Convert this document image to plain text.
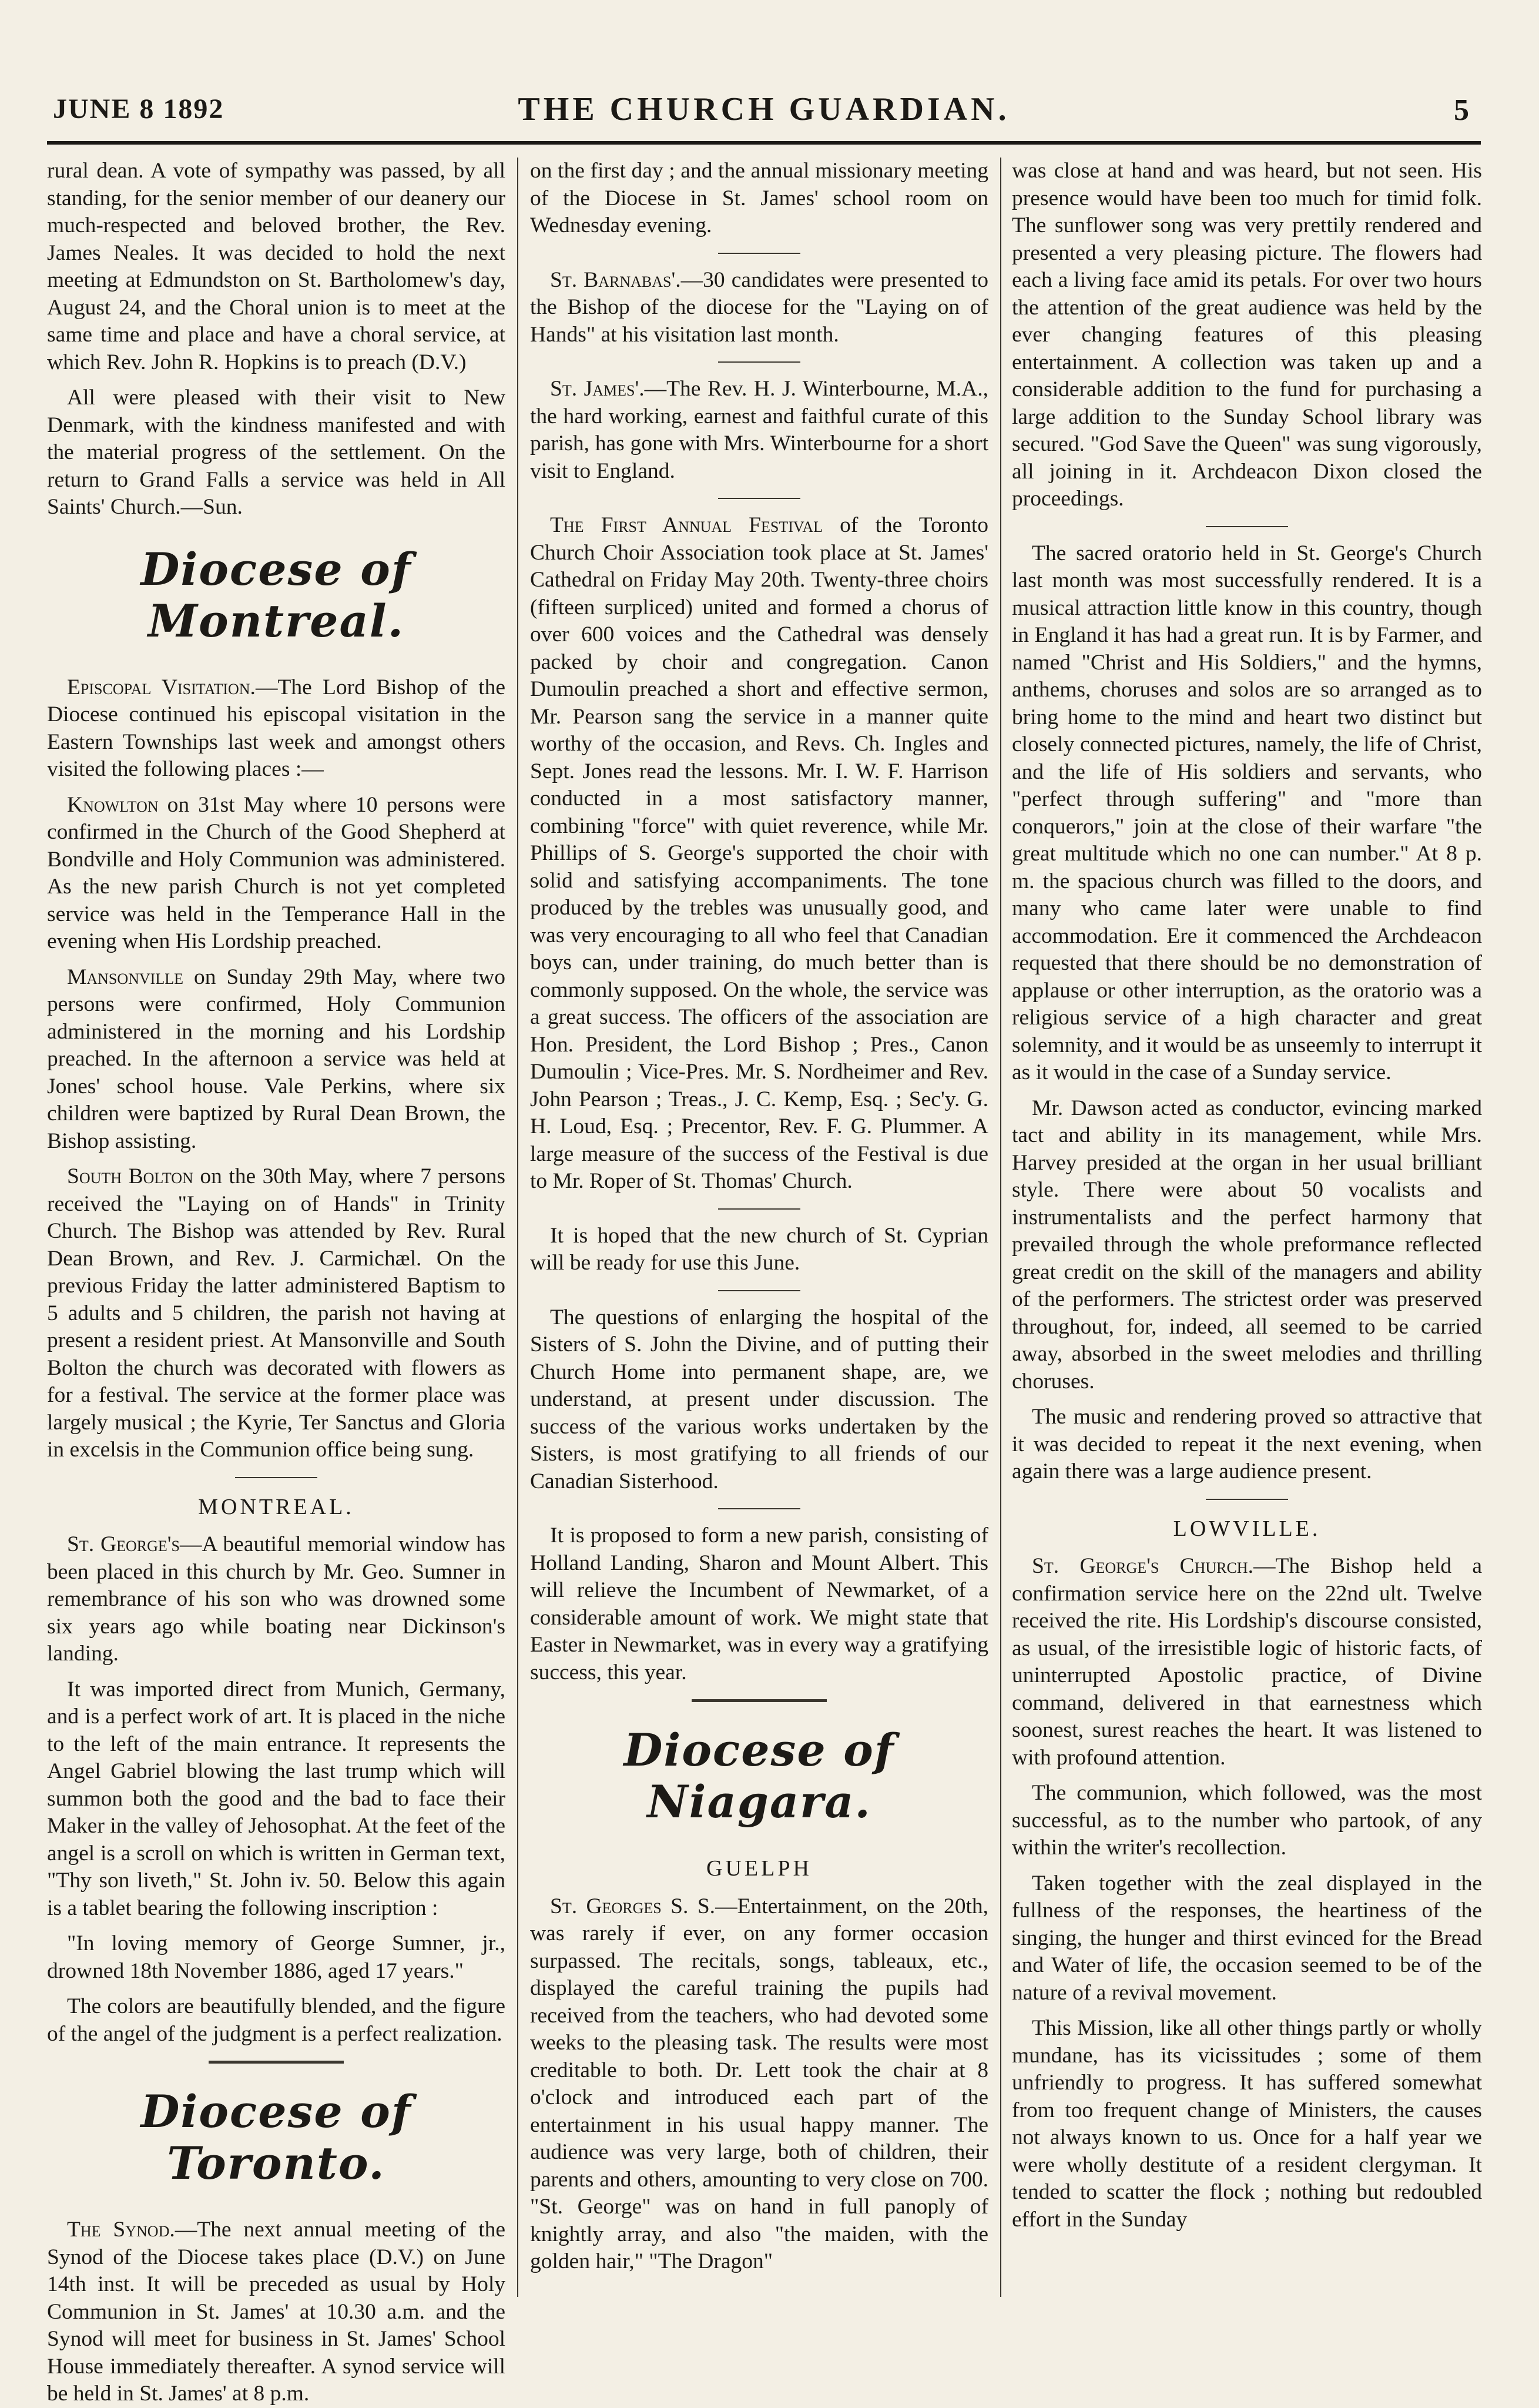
JUNE 8 1892	THE CHURCH GUARDIAN.	5

rural dean. A vote of sympathy was passed, by all standing, for the senior member of our deanery our much-respected and beloved brother, the Rev. James Neales. It was decided to hold the next meeting at Edmundston on St. Bartholomew's day, August 24, and the Choral union is to meet at the same time and place and have a choral service, at which Rev. John R. Hopkins is to preach (D.V.)

All were pleased with their visit to New Denmark, with the kindness manifested and with the material progress of the settlement. On the return to Grand Falls a service was held in All Saints' Church.—Sun.

Diocese of Montreal.

Episcopal Visitation.—The Lord Bishop of the Diocese continued his episcopal visitation in the Eastern Townships last week and amongst others visited the following places :—

Knowlton on 31st May where 10 persons were confirmed in the Church of the Good Shepherd at Bondville and Holy Communion was administered. As the new parish Church is not yet completed service was held in the Temperance Hall in the evening when His Lordship preached.

Mansonville on Sunday 29th May, where two persons were confirmed, Holy Communion administered in the morning and his Lordship preached. In the afternoon a service was held at Jones' school house. Vale Perkins, where six children were baptized by Rural Dean Brown, the Bishop assisting.

South Bolton on the 30th May, where 7 persons received the "Laying on of Hands" in Trinity Church. The Bishop was attended by Rev. Rural Dean Brown, and Rev. J. Carmichæl. On the previous Friday the latter administered Baptism to 5 adults and 5 children, the parish not having at present a resident priest. At Mansonville and South Bolton the church was decorated with flowers as for a festival. The service at the former place was largely musical ; the Kyrie, Ter Sanctus and Gloria in excelsis in the Communion office being sung.

MONTREAL.

St. George's—A beautiful memorial window has been placed in this church by Mr. Geo. Sumner in remembrance of his son who was drowned some six years ago while boating near Dickinson's landing.

It was imported direct from Munich, Germany, and is a perfect work of art. It is placed in the niche to the left of the main entrance. It represents the Angel Gabriel blowing the last trump which will summon both the good and the bad to face their Maker in the valley of Jehosophat. At the feet of the angel is a scroll on which is written in German text, "Thy son liveth," St. John iv. 50. Below this again is a tablet bearing the following inscription :

"In loving memory of George Sumner, jr., drowned 18th November 1886, aged 17 years."

The colors are beautifully blended, and the figure of the angel of the judgment is a perfect realization.

Diocese of Toronto.

The Synod.—The next annual meeting of the Synod of the Diocese takes place (D.V.) on June 14th inst. It will be preceded as usual by Holy Communion in St. James' at 10.30 a.m. and the Synod will meet for business in St. James' School House immediately thereafter. A synod service will be held in St. James' at 8 p.m.

on the first day ; and the annual missionary meeting of the Diocese in St. James' school room on Wednesday evening.

St. Barnabas'.—30 candidates were presented to the Bishop of the diocese for the "Laying on of Hands" at his visitation last month.

St. James'.—The Rev. H. J. Winterbourne, M.A., the hard working, earnest and faithful curate of this parish, has gone with Mrs. Winterbourne for a short visit to England.

The First Annual Festival of the Toronto Church Choir Association took place at St. James' Cathedral on Friday May 20th. Twenty-three choirs (fifteen surpliced) united and formed a chorus of over 600 voices and the Cathedral was densely packed by choir and congregation. Canon Dumoulin preached a short and effective sermon, Mr. Pearson sang the service in a manner quite worthy of the occasion, and Revs. Ch. Ingles and Sept. Jones read the lessons. Mr. I. W. F. Harrison conducted in a most satisfactory manner, combining "force" with quiet reverence, while Mr. Phillips of S. George's supported the choir with solid and satisfying accompaniments. The tone produced by the trebles was unusually good, and was very encouraging to all who feel that Canadian boys can, under training, do much better than is commonly supposed. On the whole, the service was a great success. The officers of the association are Hon. President, the Lord Bishop ; Pres., Canon Dumoulin ; Vice-Pres. Mr. S. Nordheimer and Rev. John Pearson ; Treas., J. C. Kemp, Esq. ; Sec'y. G. H. Loud, Esq. ; Precentor, Rev. F. G. Plummer. A large measure of the success of the Festival is due to Mr. Roper of St. Thomas' Church.

It is hoped that the new church of St. Cyprian will be ready for use this June.

The questions of enlarging the hospital of the Sisters of S. John the Divine, and of putting their Church Home into permanent shape, are, we understand, at present under discussion. The success of the various works undertaken by the Sisters, is most gratifying to all friends of our Canadian Sisterhood.

It is proposed to form a new parish, consisting of Holland Landing, Sharon and Mount Albert. This will relieve the Incumbent of Newmarket, of a considerable amount of work. We might state that Easter in Newmarket, was in every way a gratifying success, this year.

Diocese of Niagara.
GUELPH

St. Georges S. S.—Entertainment, on the 20th, was rarely if ever, on any former occasion surpassed. The recitals, songs, tableaux, etc., displayed the careful training the pupils had received from the teachers, who had devoted some weeks to the pleasing task. The results were most creditable to both. Dr. Lett took the chair at 8 o'clock and introduced each part of the entertainment in his usual happy manner. The audience was very large, both of children, their parents and others, amounting to very close on 700. "St. George" was on hand in full panoply of knightly array, and also "the maiden, with the golden hair," "The Dragon"

was close at hand and was heard, but not seen. His presence would have been too much for timid folk. The sunflower song was very prettily rendered and presented a very pleasing picture. The flowers had each a living face amid its petals. For over two hours the attention of the great audience was held by the ever changing features of this pleasing entertainment. A collection was taken up and a considerable addition to the fund for purchasing a large addition to the Sunday School library was secured. "God Save the Queen" was sung vigorously, all joining in it. Archdeacon Dixon closed the proceedings.

The sacred oratorio held in St. George's Church last month was most successfully rendered. It is a musical attraction little know in this country, though in England it has had a great run. It is by Farmer, and named "Christ and His Soldiers," and the hymns, anthems, choruses and solos are so arranged as to bring home to the mind and heart two distinct but closely connected pictures, namely, the life of Christ, and the life of His soldiers and servants, who "perfect through suffering" and "more than conquerors," join at the close of their warfare "the great multitude which no one can number." At 8 p. m. the spacious church was filled to the doors, and many who came later were unable to find accommodation. Ere it commenced the Archdeacon requested that there should be no demonstration of applause or other interruption, as the oratorio was a religious service of a high character and great solemnity, and it would be as unseemly to interrupt it as it would in the case of a Sunday service.

Mr. Dawson acted as conductor, evincing marked tact and ability in its management, while Mrs. Harvey presided at the organ in her usual brilliant style. There were about 50 vocalists and instrumentalists and the perfect harmony that prevailed through the whole preformance reflected great credit on the skill of the managers and ability of the performers. The strictest order was preserved throughout, for, indeed, all seemed to be carried away, absorbed in the sweet melodies and thrilling choruses.

The music and rendering proved so attractive that it was decided to repeat it the next evening, when again there was a large audience present.

LOWVILLE.

St. George's Church.—The Bishop held a confirmation service here on the 22nd ult. Twelve received the rite. His Lordship's discourse consisted, as usual, of the irresistible logic of historic facts, of uninterrupted Apostolic practice, of Divine command, delivered in that earnestness which soonest, surest reaches the heart. It was listened to with profound attention.

The communion, which followed, was the most successful, as to the number who partook, of any within the writer's recollection.

Taken together with the zeal displayed in the fullness of the responses, the heartiness of the singing, the hunger and thirst evinced for the Bread and Water of life, the occasion seemed to be of the nature of a revival movement.

This Mission, like all other things partly or wholly mundane, has its vicissitudes ; some of them unfriendly to progress. It has suffered somewhat from too frequent change of Ministers, the causes not always known to us. Once for a half year we were wholly destitute of a resident clergyman. It tended to scatter the flock ; nothing but redoubled effort in the Sunday
